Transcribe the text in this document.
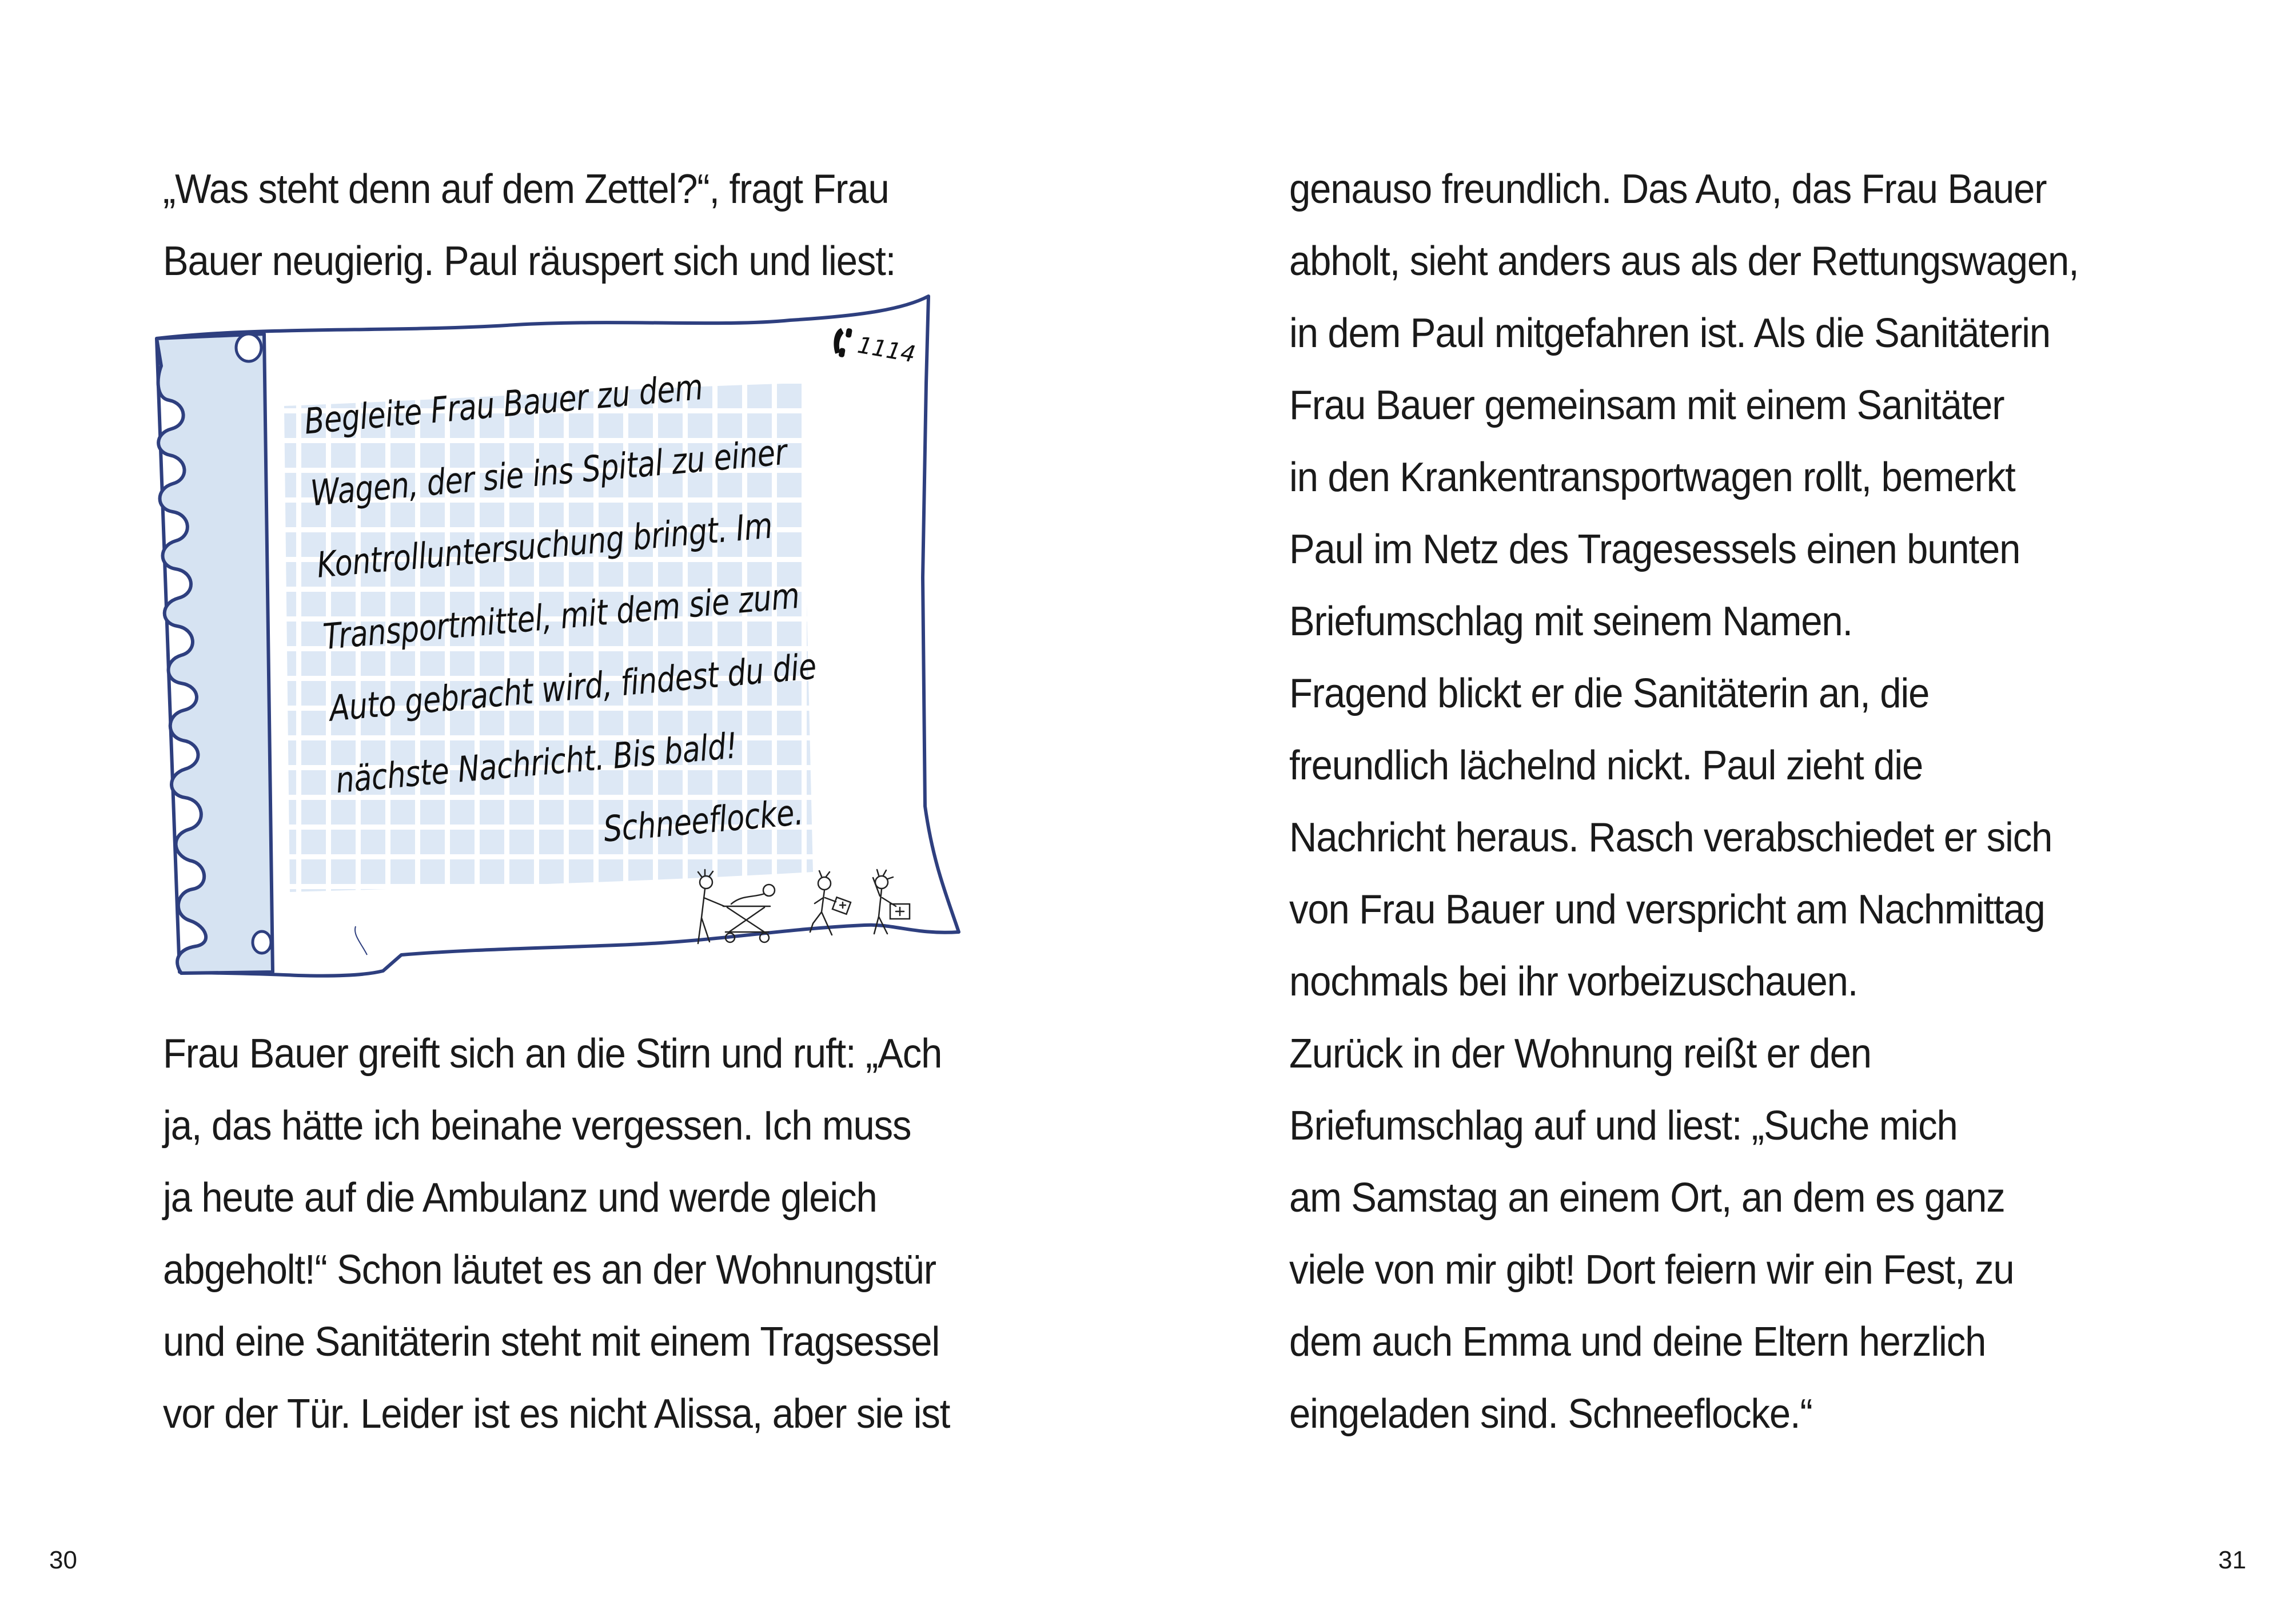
„Was steht denn auf dem Zettel?“, fragt Frau
Bauer neugierig. Paul räuspert sich und liest:

1114
Begleite Frau Bauer zu dem
Wagen, der sie ins Spital zu einer
Kontrolluntersuchung bringt. Im
Transportmittel, mit dem sie zum
Auto gebracht wird, findest du die
nächste Nachricht. Bis bald!
Schneeflocke.

Frau Bauer greift sich an die Stirn und ruft: „Ach
ja, das hätte ich beinahe vergessen. Ich muss
ja heute auf die Ambulanz und werde gleich
abgeholt!“ Schon läutet es an der Wohnungstür
und eine Sanitäterin steht mit einem Tragsessel
vor der Tür. Leider ist es nicht Alissa, aber sie ist

30

genauso freundlich. Das Auto, das Frau Bauer
abholt, sieht anders aus als der Rettungswagen,
in dem Paul mitgefahren ist. Als die Sanitäterin
Frau Bauer gemeinsam mit einem Sanitäter
in den Krankentransportwagen rollt, bemerkt
Paul im Netz des Tragesessels einen bunten
Briefumschlag mit seinem Namen.
Fragend blickt er die Sanitäterin an, die
freundlich lächelnd nickt. Paul zieht die
Nachricht heraus. Rasch verabschiedet er sich
von Frau Bauer und verspricht am Nachmittag
nochmals bei ihr vorbeizuschauen.
Zurück in der Wohnung reißt er den
Briefumschlag auf und liest: „Suche mich
am Samstag an einem Ort, an dem es ganz
viele von mir gibt! Dort feiern wir ein Fest, zu
dem auch Emma und deine Eltern herzlich
eingeladen sind. Schneeflocke.“

31
